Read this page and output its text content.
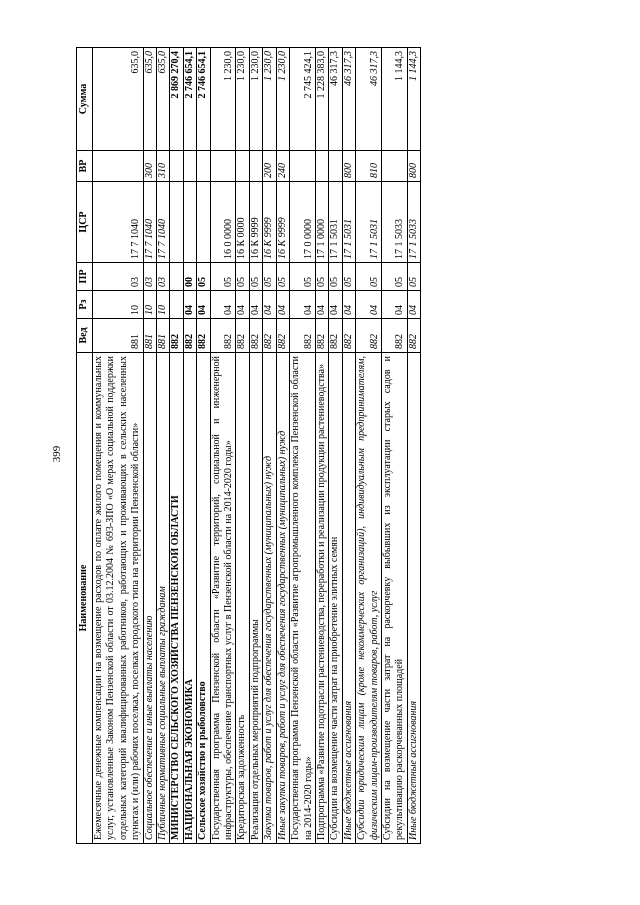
399
Наименование	Вед	Рз	ПР	ЦСР	ВР	Сумма
Ежемесячные денежные компенсации на возмещение расходов по оплате жилого помещения и коммунальных услуг, установленные Законом Пензенской области от 03.12.2004 № 693-ЗПО «О мерах социальной поддержки отдельных категорий квалифицированных работников, работающих и проживающих в сельских населенных пунктах и (или) рабочих поселках, поселках городского типа на территории Пензенской области»	881	10	03	17 7 1040		635,0
Социальное обеспечение и иные выплаты населению	881	10	03	17 7 1040	300	635,0
Публичные нормативные социальные выплаты гражданам	881	10	03	17 7 1040	310	635,0
МИНИСТЕРСТВО СЕЛЬСКОГО ХОЗЯЙСТВА ПЕНЗЕНСКОЙ ОБЛАСТИ	882					2 869 270,4
НАЦИОНАЛЬНАЯ ЭКОНОМИКА	882	04	00			2 746 654,1
Сельское хозяйство и рыболовство	882	04	05			2 746 654,1
Государственная программа Пензенской области «Развитие территорий, социальной и инженерной инфраструктуры, обеспечение транспортных услуг в Пензенской области на 2014-2020 годы»	882	04	05	16 0 0000		1 230,0
Кредиторская задолженность	882	04	05	16 К 0000		1 230,0
Реализация отдельных мероприятий подпрограммы	882	04	05	16 К 9999		1 230,0
Закупка товаров, работ и услуг для обеспечения государственных (муниципальных) нужд	882	04	05	16 К 9999	200	1 230,0
Иные закупки товаров, работ и услуг для обеспечения государственных (муниципальных) нужд	882	04	05	16 К 9999	240	1 230,0
Государственная программа Пензенской области «Развитие агропромышленного комплекса Пензенской области на 2014-2020 годы»	882	04	05	17 0 0000		2 745 424,1
Подпрограмма «Развитие подотрасли растениеводства, переработки и реализации продукции растениеводства»	882	04	05	17 1 0000		1 228 383,0
Субсидии на возмещение части затрат на приобретение элитных семян	882	04	05	17 1 5031		46 317,3
Иные бюджетные ассигнования	882	04	05	17 1 5031	800	46 317,3
Субсидии юридическим лицам (кроме некоммерческих организаций), индивидуальным предпринимателям, физическим лицам-производителям товаров, работ, услуг	882	04	05	17 1 5031	810	46 317,3
Субсидии на возмещение части затрат на раскорчевку выбывших из эксплуатации старых садов и рекультивацию раскорчеванных площадей	882	04	05	17 1 5033		1 144,3
Иные бюджетные ассигнования	882	04	05	17 1 5033	800	1 144,3
